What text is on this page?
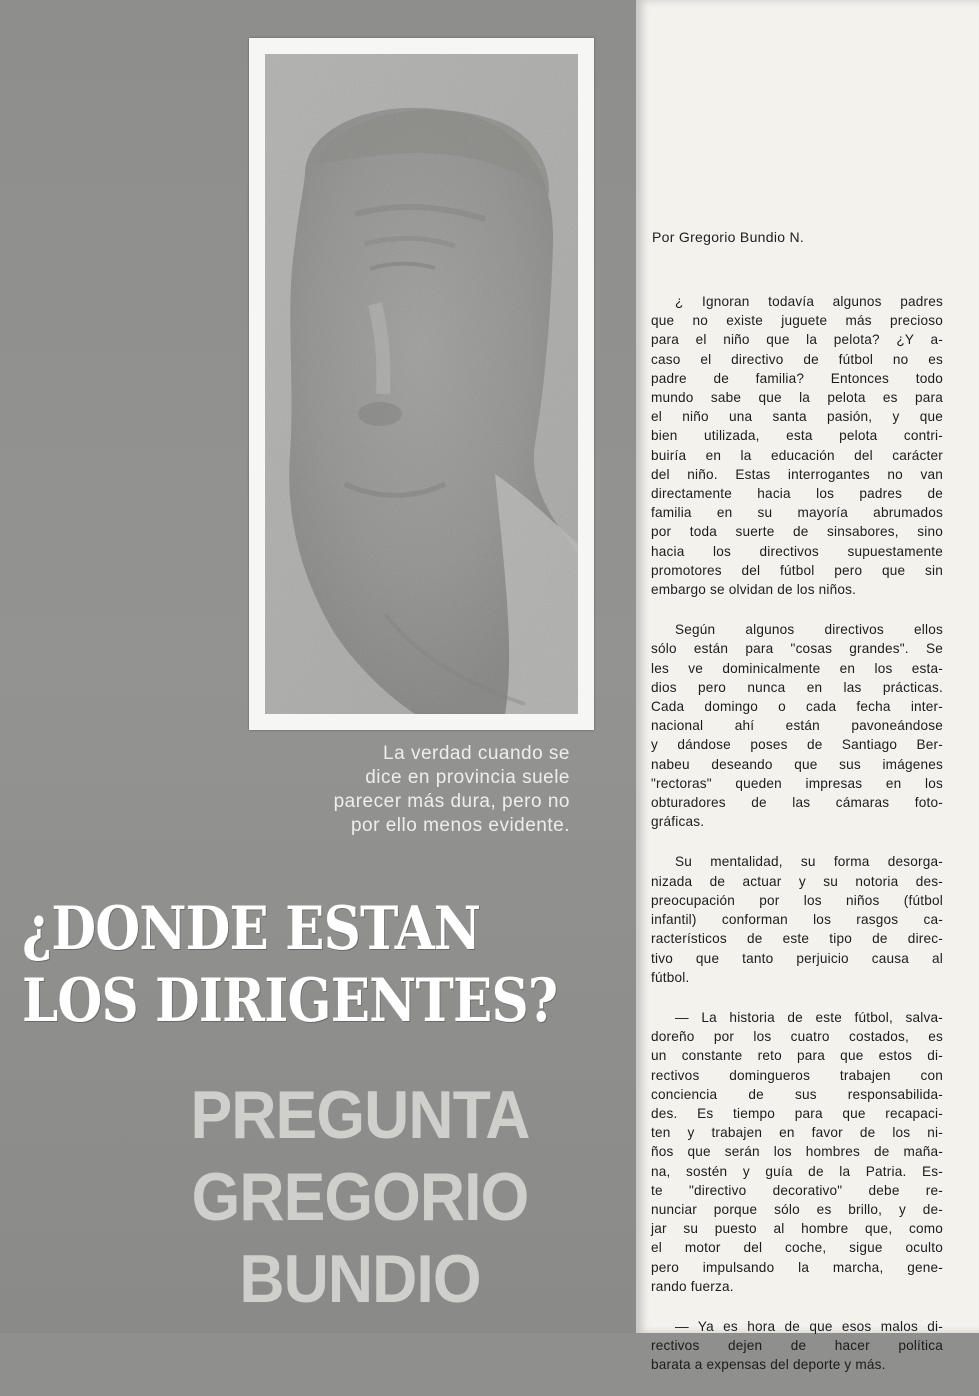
La verdad cuando se
dice en provincia suele
parecer más dura, pero no
por ello menos evidente.
¿DONDE ESTAN
LOS DIRIGENTES?
PREGUNTA
GREGORIO
BUNDIO
Por Gregorio Bundio N.

¿ Ignoran todavía algunos padres
que no existe juguete más precioso
para el niño que la pelota? ¿Y a-
caso el directivo de fútbol no es
padre de familia? Entonces todo
mundo sabe que la pelota es para
el niño una santa pasión, y que
bien utilizada, esta pelota contri-
buiría en la educación del carácter
del niño. Estas interrogantes no van
directamente hacia los padres de
familia en su mayoría abrumados
por toda suerte de sinsabores, sino
hacia los directivos supuestamente
promotores del fútbol pero que sin
embargo se olvidan de los niños.

Según algunos directivos ellos
sólo están para "cosas grandes". Se
les ve dominicalmente en los esta-
dios pero nunca en las prácticas.
Cada domingo o cada fecha inter-
nacional ahí están pavoneándose
y dándose poses de Santiago Ber-
nabeu deseando que sus imágenes
"rectoras" queden impresas en los
obturadores de las cámaras foto-
gráficas.

Su mentalidad, su forma desorga-
nizada de actuar y su notoria des-
preocupación por los niños (fútbol
infantil) conforman los rasgos ca-
racterísticos de este tipo de direc-
tivo que tanto perjuicio causa al
fútbol.

— La historia de este fútbol, salva-
doreño por los cuatro costados, es
un constante reto para que estos di-
rectivos domingueros trabajen con
conciencia de sus responsabilida-
des. Es tiempo para que recapaci-
ten y trabajen en favor de los ni-
ños que serán los hombres de maña-
na, sostén y guía de la Patria. Es-
te "directivo decorativo" debe re-
nunciar porque sólo es brillo, y de-
jar su puesto al hombre que, como
el motor del coche, sigue oculto
pero impulsando la marcha, gene-
rando fuerza.

— Ya es hora de que esos malos di-
rectivos dejen de hacer política
barata a expensas del deporte y más.
